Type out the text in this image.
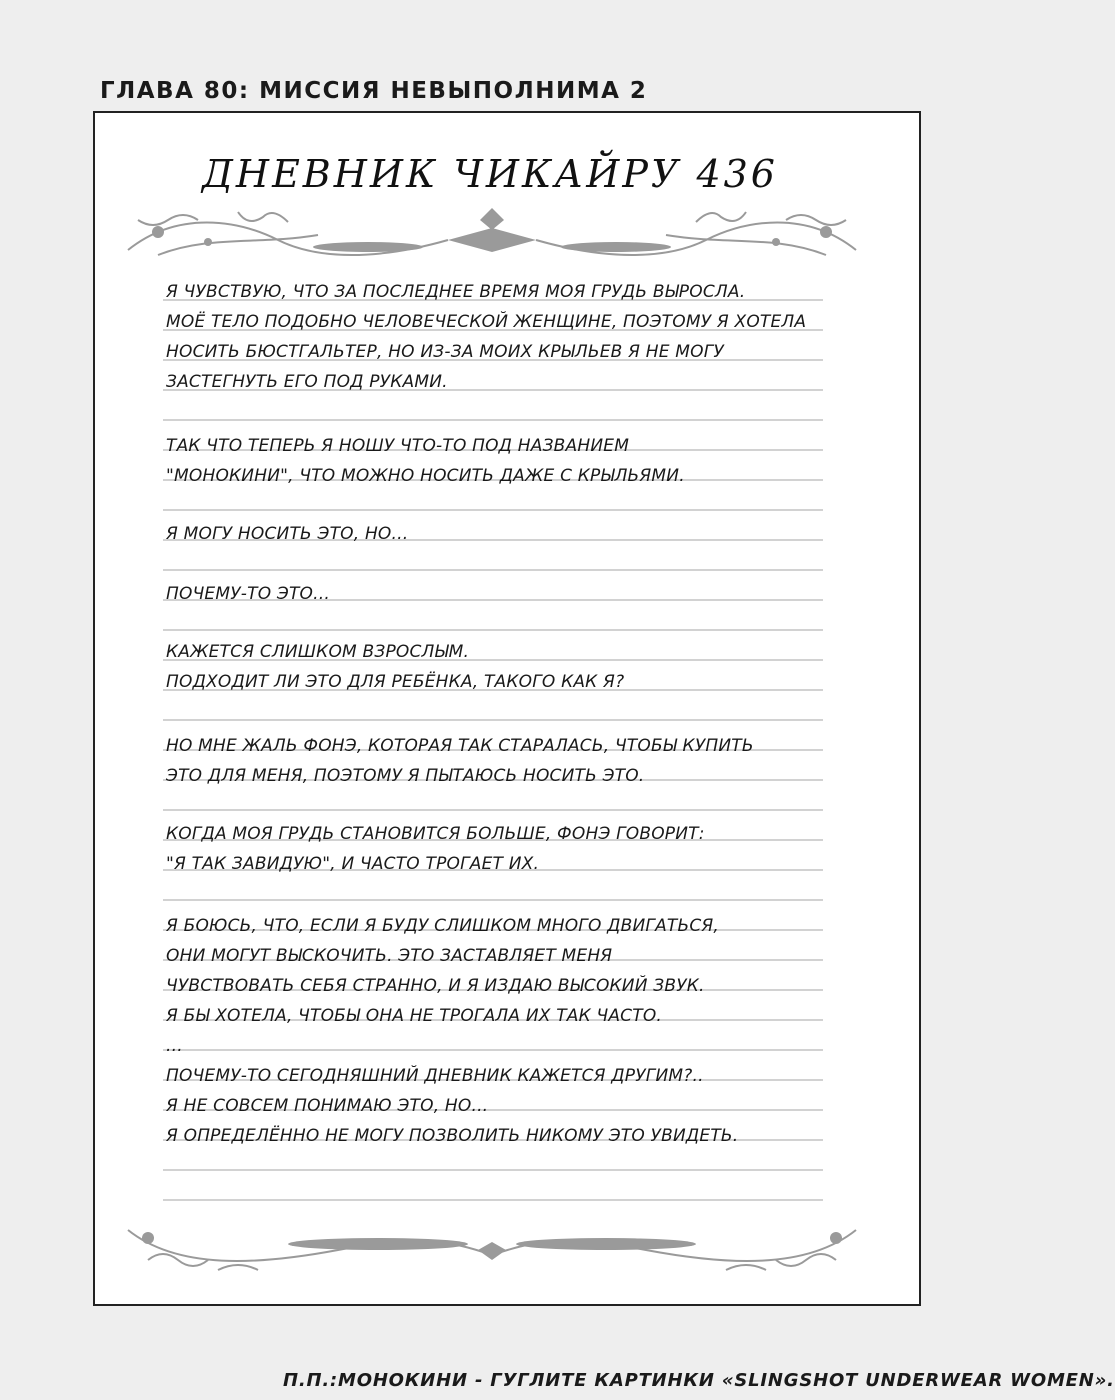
ГЛАВА 80: МИССИЯ НЕВЫПОЛНИМА 2
ДНЕВНИК ЧИКАЙРУ 436
Я ЧУВСТВУЮ, ЧТО ЗА ПОСЛЕДНЕЕ ВРЕМЯ МОЯ ГРУДЬ ВЫРОСЛА.
МОЁ ТЕЛО ПОДОБНО ЧЕЛОВЕЧЕСКОЙ ЖЕНЩИНЕ, ПОЭТОМУ Я ХОТЕЛА
НОСИТЬ БЮСТГАЛЬТЕР, НО ИЗ-ЗА МОИХ КРЫЛЬЕВ Я НЕ МОГУ
ЗАСТЕГНУТЬ ЕГО ПОД РУКАМИ.
ТАК ЧТО ТЕПЕРЬ Я НОШУ ЧТО-ТО ПОД НАЗВАНИЕМ
"МОНОКИНИ", ЧТО МОЖНО НОСИТЬ ДАЖЕ С КРЫЛЬЯМИ.
Я МОГУ НОСИТЬ ЭТО, НО...
ПОЧЕМУ-ТО ЭТО...
КАЖЕТСЯ СЛИШКОМ ВЗРОСЛЫМ.
ПОДХОДИТ ЛИ ЭТО ДЛЯ РЕБЁНКА, ТАКОГО КАК Я?
НО МНЕ ЖАЛЬ ФОНЭ, КОТОРАЯ ТАК СТАРАЛАСЬ, ЧТОБЫ КУПИТЬ
ЭТО ДЛЯ МЕНЯ, ПОЭТОМУ Я ПЫТАЮСЬ НОСИТЬ ЭТО.
КОГДА МОЯ ГРУДЬ СТАНОВИТСЯ БОЛЬШЕ, ФОНЭ ГОВОРИТ:
"Я ТАК ЗАВИДУЮ", И ЧАСТО ТРОГАЕТ ИХ.
Я БОЮСЬ, ЧТО, ЕСЛИ Я БУДУ СЛИШКОМ МНОГО ДВИГАТЬСЯ,
ОНИ МОГУТ ВЫСКОЧИТЬ. ЭТО ЗАСТАВЛЯЕТ МЕНЯ
ЧУВСТВОВАТЬ СЕБЯ СТРАННО, И Я ИЗДАЮ ВЫСОКИЙ ЗВУК.
Я БЫ ХОТЕЛА, ЧТОБЫ ОНА НЕ ТРОГАЛА ИХ ТАК ЧАСТО.
...
ПОЧЕМУ-ТО СЕГОДНЯШНИЙ ДНЕВНИК КАЖЕТСЯ ДРУГИМ?..
Я НЕ СОВСЕМ ПОНИМАЮ ЭТО, НО...
Я ОПРЕДЕЛЁННО НЕ МОГУ ПОЗВОЛИТЬ НИКОМУ ЭТО УВИДЕТЬ.
П.П.:МОНОКИНИ - ГУГЛИТЕ КАРТИНКИ «SLINGSHOT UNDERWEAR WOMEN».
